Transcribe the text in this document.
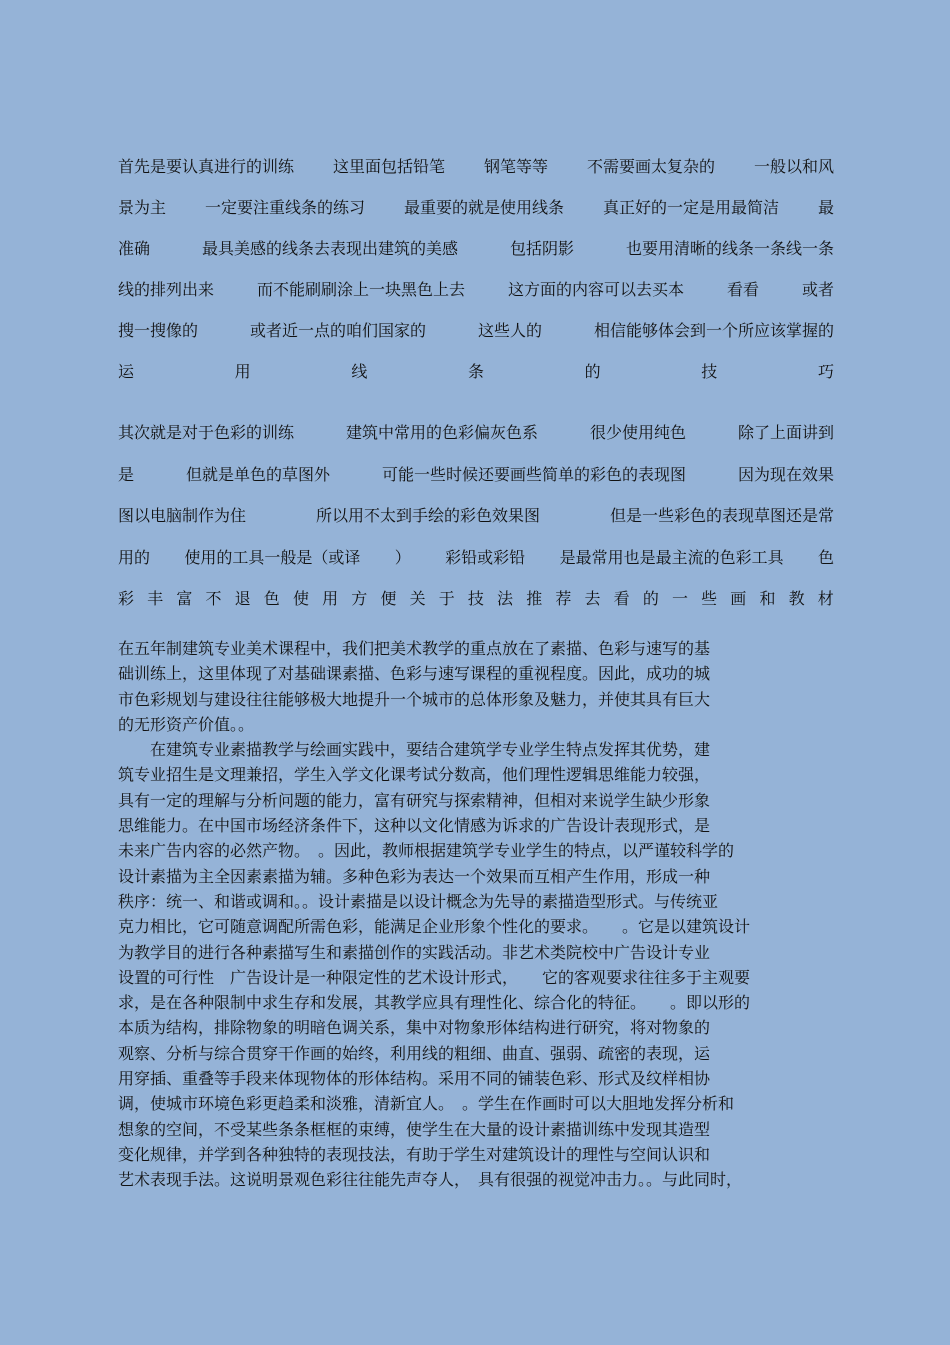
首先是要认真进行的训练 这里面包括铅笔 钢笔等等 不需要画太复杂的 一般以和风
景为主 一定要注重线条的练习 最重要的就是使用线条 真正好的一定是用最简洁 最
准确	最具美感的线条去表现出建筑的美感	包括阴影	也要用清晰的线条一条线一条
线的排列出来	而不能刷刷涂上一块黑色上去	这方面的内容可以去买本	看看	或者
搜一搜像的	或者近一点的咱们国家的	这些人的	相信能够体会到一个所应该掌握的
运	用	线	条	的	技	巧
其次就是对于色彩的训练	建筑中常用的色彩偏灰色系	很少使用纯色	除了上面讲到
是	但就是单色的草图外	可能一些时候还要画些简单的彩色的表现图	因为现在效果
图以电脑制作为住	所以用不太到手绘的彩色效果图	但是一些彩色的表现草图还是常
用的 使用的工具一般是（或译 ） 彩铅或彩铅 是最常用也是最主流的色彩工具 色
彩 丰 富 不 退 色 使 用 方 便 关 于 技 法 推 荐 去 看 的 一 些 画 和 教 材
在五年制建筑专业美术课程中，我们把美术教学的重点放在了素描、色彩与速写的基
础训练上，这里体现了对基础课素描、色彩与速写课程的重视程度。因此，成功的城
市色彩规划与建设往往能够极大地提升一个城市的总体形象及魅力，并使其具有巨大
的无形资产价值。。
　　在建筑专业素描教学与绘画实践中，要结合建筑学专业学生特点发挥其优势，建
筑专业招生是文理兼招，学生入学文化课考试分数高，他们理性逻辑思维能力较强，
具有一定的理解与分析问题的能力，富有研究与探索精神，但相对来说学生缺少形象
思维能力。在中国市场经济条件下，这种以文化情感为诉求的广告设计表现形式，是
未来广告内容的必然产物。　。因此，教师根据建筑学专业学生的特点，以严谨较科学的
设计素描为主全因素素描为辅。多种色彩为表达一个效果而互相产生作用，形成一种
秩序：统一、和谐或调和。。设计素描是以设计概念为先导的素描造型形式。与传统亚
克力相比，它可随意调配所需色彩，能满足企业形象个性化的要求。　　。它是以建筑设计
为教学目的进行各种素描写生和素描创作的实践活动。非艺术类院校中广告设计专业
设置的可行性　广告设计是一种限定性的艺术设计形式，　　它的客观要求往往多于主观要
求，是在各种限制中求生存和发展，其教学应具有理性化、综合化的特征。　　。即以形的
本质为结构，排除物象的明暗色调关系，集中对物象形体结构进行研究，将对物象的
观察、分析与综合贯穿干作画的始终，利用线的粗细、曲直、强弱、疏密的表现，运
用穿插、重叠等手段来体现物体的形体结构。采用不同的铺装色彩、形式及纹样相协
调，使城市环境色彩更趋柔和淡雅，清新宜人。　。学生在作画时可以大胆地发挥分析和
想象的空间，不受某些条条框框的束缚，使学生在大量的设计素描训练中发现其造型
变化规律，并学到各种独特的表现技法，有助于学生对建筑设计的理性与空间认识和
艺术表现手法。这说明景观色彩往往能先声夺人，　具有很强的视觉冲击力。。与此同时，
